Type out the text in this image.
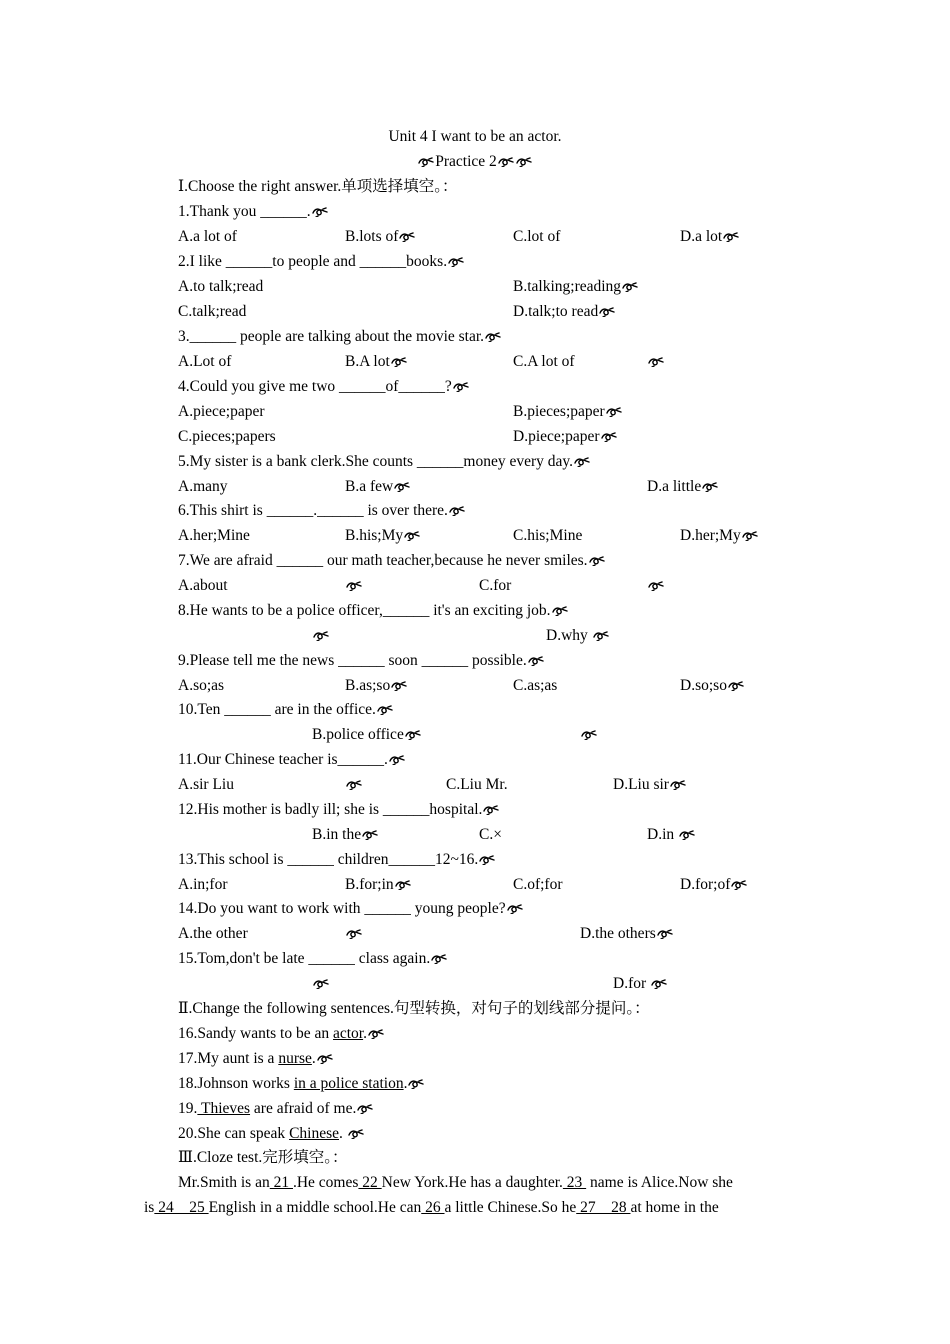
Unit 4 I want to be an actor.
Practice 2
Ⅰ.Choose the right answer.单项选择填空。：
1.Thank you ______.
A.a lot of	B.lots of	C.lot of	D.a lot
2.I like ______to people and ______books.
A.to talk;read	B.talking;reading
C.talk;read	D.talk;to read
3.______ people are talking about the movie star.
A.Lot of	B.A lot	C.A lot of
4.Could you give me two ______of______?
A.piece;paper	B.pieces;paper
C.pieces;papers	D.piece;paper
5.My sister is a bank clerk.She counts ______money every day.
A.many	B.a few	D.a little
6.This shirt is ______.______ is over there.
A.her;Mine	B.his;My	C.his;Mine	D.her;My
7.We are afraid ______ our math teacher,because he never smiles.
A.about	C.for
8.He wants to be a police officer,______ it's an exciting job.
D.why
9.Please tell me the news ______ soon ______ possible.
A.so;as	B.as;so	C.as;as	D.so;so
10.Ten ______ are in the office.
B.police office
11.Our Chinese teacher is______.
A.sir Liu	C.Liu Mr.	D.Liu sir
12.His mother is badly ill; she is ______hospital.
B.in the	C.×	D.in
13.This school is ______ children______12~16.
A.in;for	B.for;in	C.of;for	D.for;of
14.Do you want to work with ______ young people?
A.the other	D.the others
15.Tom,don't be late ______ class again.
D.for
Ⅱ.Change the following sentences.句型转换，对句子的划线部分提问。：
16.Sandy wants to be an actor.
17.My aunt is a nurse.
18.Johnson works in a police station.
19. Thieves are afraid of me.
20.She can speak Chinese.
Ⅲ.Cloze test.完形填空。：
Mr.Smith is an 21 .He comes 22 New York.He has a daughter. 23  name is Alice.Now she
is 24    25 English in a middle school.He can 26 a little Chinese.So he 27    28 at home in the
